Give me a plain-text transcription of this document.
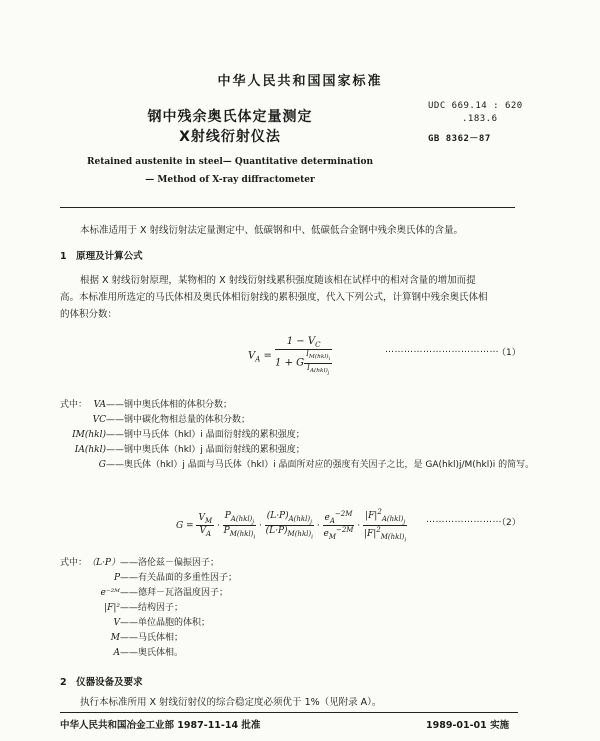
中华人民共和国国家标准
钢中残余奥氏体定量测定
X射线衍射仪法
UDC 669.14 : 620
.183.6
GB 8362－87
Retained austenite in steel— Quantitative determination
— Method of X-ray diffractometer
本标准适用于 X 射线衍射法定量测定中、低碳钢和中、低碳低合金钢中残余奥氏体的含量。
1　原理及计算公式
根据 X 射线衍射原理，某物相的 X 射线衍射线累积强度随该相在试样中的相对含量的增加而提
高。本标准用所选定的马氏体相及奥氏体相衍射线的累积强度，代入下列公式，计算钢中残余奥氏体相
的体积分数：
$V_A = \frac{1 - V_C}{1 + G \frac{I_{M(hkl)_i}}{I_{A(hkl)_j}}}$	………………………………
（1）
式中： VA——钢中奥氏体相的体积分数；
VC——钢中碳化物相总量的体积分数；
IM(hkl)——钢中马氏体（hkl）i 晶面衍射线的累积强度；
IA(hkl)——钢中奥氏体（hkl）j 晶面衍射线的累积强度；
G——奥氏体（hkl）j 晶面与马氏体（hkl）i 晶面所对应的强度有关因子之比，是 GA(hkl)j/M(hkl)i 的简写。
$G = \frac{V_M}{V_A} \cdot \frac{P_{A(hkl)_j}}{P_{M(hkl)_i}} \cdot \frac{(L\cdot P)_{A(hkl)_j}}{(L\cdot P)_{M(hkl)_i}} \cdot \frac{e_A^{-2M}}{e_M^{-2M}} \cdot \frac{|F|^2_{A(hkl)_j}}{|F|^2_{M(hkl)_i}}$ ……………………
（2）
式中： （L·P）——洛伦兹－偏振因子；
P——有关晶面的多重性因子；
e⁻²ᴹ——德拜－瓦洛温度因子；
|F|²——结构因子；
V——单位晶胞的体积；
M——马氏体相；
A——奥氏体相。
2　仪器设备及要求
执行本标准所用 X 射线衍射仪的综合稳定度必须优于 1%（见附录 A）。
中华人民共和国冶金工业部 1987-11-14 批准	1989-01-01 实施
